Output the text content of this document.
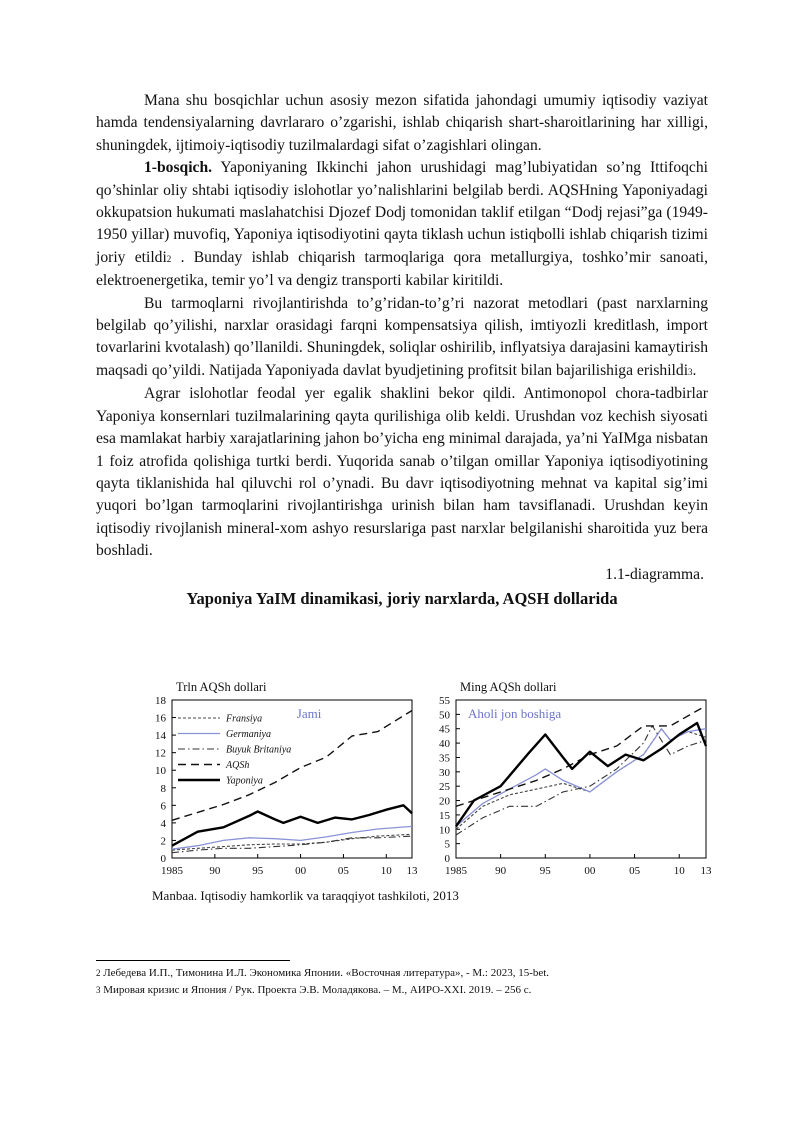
Mana shu bosqichlar uchun asosiy mezon sifatida jahondagi umumiy iqtisodiy vaziyat hamda tendensiyalarning davrlararo o’zgarishi, ishlab chiqarish shart-sharoitlarining har xilligi, shuningdek, ijtimoiy-iqtisodiy tuzilmalardagi sifat o’zagishlari olingan.

1-bosqich. Yaponiyaning Ikkinchi jahon urushidagi mag’lubiyatidan so’ng Ittifoqchi qo’shinlar oliy shtabi iqtisodiy islohotlar yo’nalishlarini belgilab berdi. AQSHning Yaponiyadagi okkupatsion hukumati maslahatchisi Djozef Dodj tomonidan taklif etilgan “Dodj rejasi”ga (1949-1950 yillar) muvofiq, Yaponiya iqtisodiyotini qayta tiklash uchun istiqbolli ishlab chiqarish tizimi joriy etildi2 . Bunday ishlab chiqarish tarmoqlariga qora metallurgiya, toshko’mir sanoati, elektroenergetika, temir yo’l va dengiz transporti kabilar kiritildi.

Bu tarmoqlarni rivojlantirishda to’g’ridan-to’g’ri nazorat metodlari (past narxlarning belgilab qo’yilishi, narxlar orasidagi farqni kompensatsiya qilish, imtiyozli kreditlash, import tovarlarini kvotalash) qo’llanildi. Shuningdek, soliqlar oshirilib, inflyatsiya darajasini kamaytirish maqsadi qo’yildi. Natijada Yaponiyada davlat byudjetining profitsit bilan bajarilishiga erishildi3.

Agrar islohotlar feodal yer egalik shaklini bekor qildi. Antimonopol chora-tadbirlar Yaponiya konsernlari tuzilmalarining qayta qurilishiga olib keldi. Urushdan voz kechish siyosati esa mamlakat harbiy xarajatlarining jahon bo’yicha eng minimal darajada, ya’ni YaIMga nisbatan 1 foiz atrofida qolishiga turtki berdi. Yuqorida sanab o’tilgan omillar Yaponiya iqtisodiyotining qayta tiklanishida hal qiluvchi rol o’ynadi. Bu davr iqtisodiyotning mehnat va kapital sig’imi yuqori bo’lgan tarmoqlarini rivojlantirishga urinish bilan ham tavsiflanadi. Urushdan keyin iqtisodiy rivojlanish mineral-xom ashyo resurslariga past narxlar belgilanishi sharoitida yuz bera boshladi.

1.1-diagramma.

Yaponiya YaIM dinamikasi, joriy narxlarda, AQSH dollarida

Trln AQSh dollari
Jami
0
2
4
6
8
10
12
14
16
18
1985 90	95	00	05	10 13
Fransiya
Germaniya
Buyuk Britaniya
AQSh
Yaponiya
Ming AQSh dollari
Aholi jon boshiga
0
5
10
15
20
25
30
35
40
45
50
55
1985	90	95	00	05	10 13
Manbaa. Iqtisodiy hamkorlik va taraqqiyot tashkiloti, 2013
2 Лебедева И.П., Тимонина И.Л. Экономика Японии. «Восточная литература», - М.: 2023, 15-bet.
3 Мировая кризис и Япония / Рук. Проекта Э.В. Моладякова. – М., АИРО-XXI. 2019. – 256 с.
